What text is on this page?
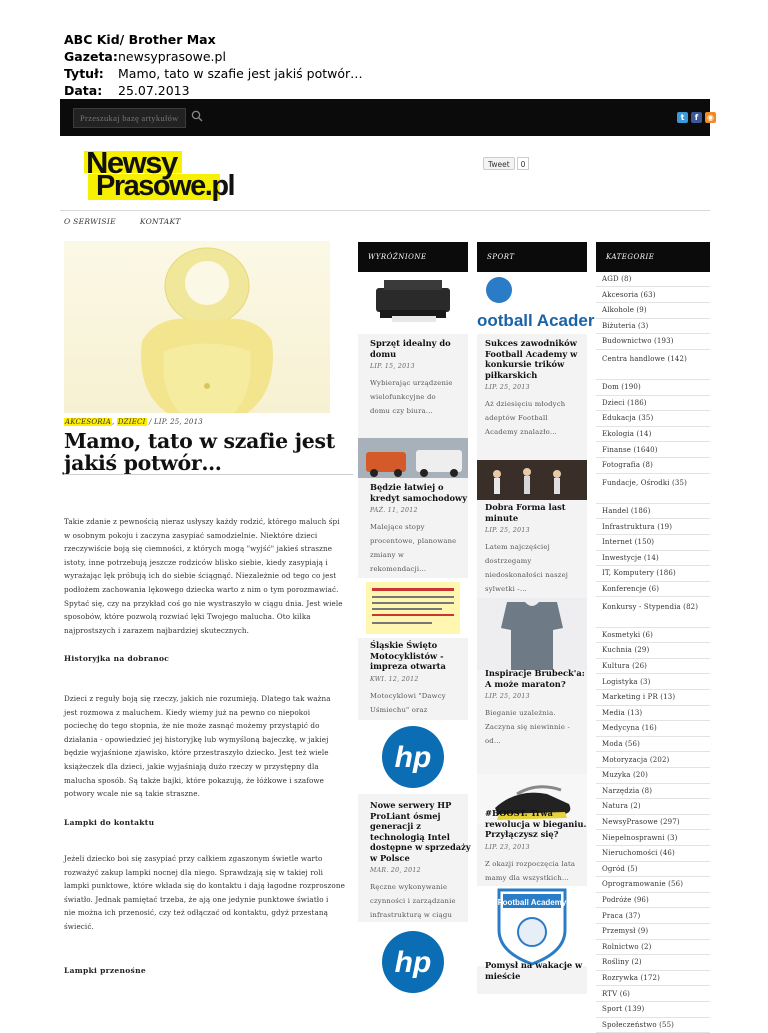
ABC Kid/ Brother Max
Gazeta: newsyprasowe.pl
Tytuł:	Mamo, tato w szafie jest jakiś potwór…
Data:	25.07.2013
Przeszukaj bazę artykułów	t	f	◉
Newsy
Prasowe.pl
Tweet	0
O SERWISIE	KONTAKT
AKCESORIA, DZIECI / LIP. 25, 2013
Mamo, tato w szafie jest
jakiś potwór…
Takie zdanie z pewnością nieraz usłyszy każdy rodzić, którego maluch śpi
w osobnym pokoju i zaczyna zasypiać samodzielnie. Niektóre dzieci
rzeczywiście boją się ciemności, z których mogą "wyjść" jakieś straszne
istoty, inne potrzebują jeszcze rodziców blisko siebie, kiedy zasypiają i
wyrażając lęk próbują ich do siebie ściągnąć. Niezależnie od tego co jest
podłożem zachowania lękowego dziecka warto z nim o tym porozmawiać.
Spytać się, czy na przykład coś go nie wystraszyło w ciągu dnia. Jest wiele
sposobów, które pozwolą rozwiać lęki Twojego malucha. Oto kilka
najprostszych i zarazem najbardziej skutecznych.
Historyjka na dobranoc
Dzieci z reguły boją się rzeczy, jakich nie rozumieją. Dlatego tak ważna
jest rozmowa z maluchem. Kiedy wiemy już na pewno co niepokoi
pociechę do tego stopnia, że nie może zasnąć możemy przystąpić do
działania - opowiedzieć jej historyjkę lub wymyśloną bajeczkę, w jakiej
będzie wyjaśnione zjawisko, które przestraszyło dziecko. Jest też wiele
książeczek dla dzieci, jakie wyjaśniają dużo rzeczy w przystępny dla
malucha sposób. Są także bajki, które pokazują, że łóżkowe i szafowe
potwory wcale nie są takie straszne.
Lampki do kontaktu
Jeżeli dziecko boi się zasypiać przy całkiem zgaszonym świetle warto
rozważyć zakup lampki nocnej dla niego. Sprawdzają się w takiej roli
lampki punktowe, które wkłada się do kontaktu i dają łagodne rozproszone
światło. Jednak pamiętać trzeba, że ają one jedynie punktowe światło i
nie można ich przenosić, czy też odłączać od kontaktu, gdyż przestaną
świecić.
Lampki przenośne
WYRÓŻNIONE	SPORT	KATEGORIE
Sprzęt idealny do
domu
LIP. 15, 2013
Wybierając urządzenie
wielofunkcyjne do
domu czy biura…
Będzie łatwiej o
kredyt samochodowy
PAŹ. 11, 2012
Malejące stopy
procentowe, planowane
zmiany w
rekomendacji…
Śląskie Święto
Motocyklistów -
impreza otwarta
KWI. 12, 2012
Motocyklowi "Dawcy
Uśmiechu" oraz
hp
Nowe serwery HP
ProLiant ósmej
generacji z
technologią Intel
dostępne w sprzedaży
w Polsce
MAR. 20, 2012
Ręczne wykonywanie
czynności i zarządzanie
infrastrukturą w ciągu
hp
ootball Acader
Sukces zawodników
Football Academy w
konkursie trików
piłkarskich
LIP. 25, 2013
Aż dziesięciu młodych
adeptów Football
Academy znalazło…
Dobra Forma last
minute
LIP. 25, 2013
Latem najczęściej
dostrzegamy
niedoskonałości naszej
sylwetki -…
Inspiracje Brubeck'a:
A może maraton?
LIP. 25, 2013
Bieganie uzależnia.
Zaczyna się niewinnie -
od…
#BOOST. Trwa
rewolucja w bieganiu.
Przyłączysz się?
LIP. 23, 2013
Z okazji rozpoczęcia lata
mamy dla wszystkich…
Football Academy
Pomysł na wakacje w
mieście
AGD (8)
Akcesoria (63)
Alkohole (9)
Biżuteria (3)
Budownictwo (193)
Centra handlowe (142)
Dom (190)
Dzieci (186)
Edukacja (35)
Ekologia (14)
Finanse (1640)
Fotografia (8)
Fundacje, Ośrodki (35)
Handel (186)
Infrastruktura (19)
Internet (150)
Inwestycje (14)
IT, Komputery (186)
Konferencje (6)
Konkursy - Stypendia (82)
Kosmetyki (6)
Kuchnia (29)
Kultura (26)
Logistyka (3)
Marketing i PR (13)
Media (13)
Medycyna (16)
Moda (56)
Motoryzacja (202)
Muzyka (20)
Narzędzia (8)
Natura (2)
NewsyPrasowe (297)
Niepełnosprawni (3)
Nieruchomości (46)
Ogród (5)
Oprogramowanie (56)
Podróże (96)
Praca (37)
Przemysł (9)
Rolnictwo (2)
Rośliny (2)
Rozrywka (172)
RTV (6)
Sport (139)
Społeczeństwo (55)
